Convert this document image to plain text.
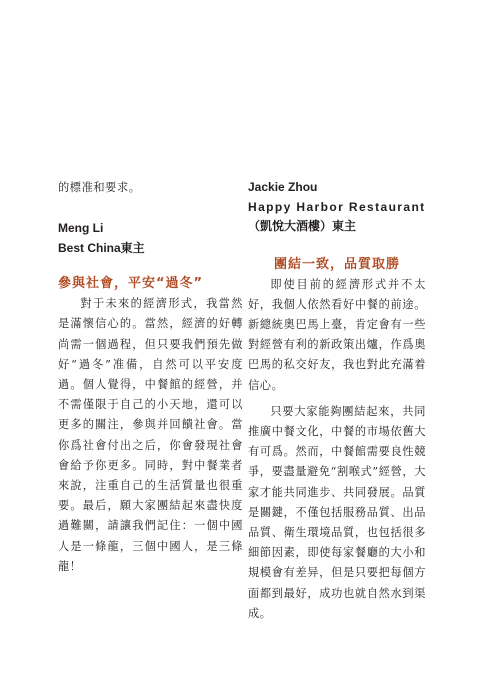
的標准和要求。

Meng Li

Best China東主

參與社會，平安“過冬”

對于未來的經濟形式，我當然是滿懷信心的。當然，經濟的好轉尚需一個過程，但只要我們預先做好“過冬”准備，自然可以平安度過。個人覺得，中餐館的經營，并不需僅限于自己的小天地，還可以更多的關注，參與并回饋社會。當你爲社會付出之后，你會發現社會會給予你更多。同時，對中餐業者來說，注重自己的生活質量也很重要。最后，願大家團結起來盡快度過難關，請讓我們記住：一個中國人是一條龍，三個中國人，是三條龍！

Jackie Zhou

Happy Harbor Restaurant

（凱悅大酒樓）東主

團結一致，品質取勝

即使目前的經濟形式并不太好，我個人依然看好中餐的前途。新總統奧巴馬上臺，肯定會有一些對經營有利的新政策出爐，作爲奧巴馬的私交好友，我也對此充滿着信心。

只要大家能夠團結起來，共同推廣中餐文化，中餐的市場依舊大有可爲。然而，中餐館需要良性競爭，要盡量避免“割喉式”經營，大家才能共同進步、共同發展。品質是關鍵，不僅包括服務品質、出品品質、衛生環境品質，也包括很多細節因素，即使每家餐廳的大小和規模會有差异，但是只要把每個方面都到最好，成功也就自然水到渠成。
